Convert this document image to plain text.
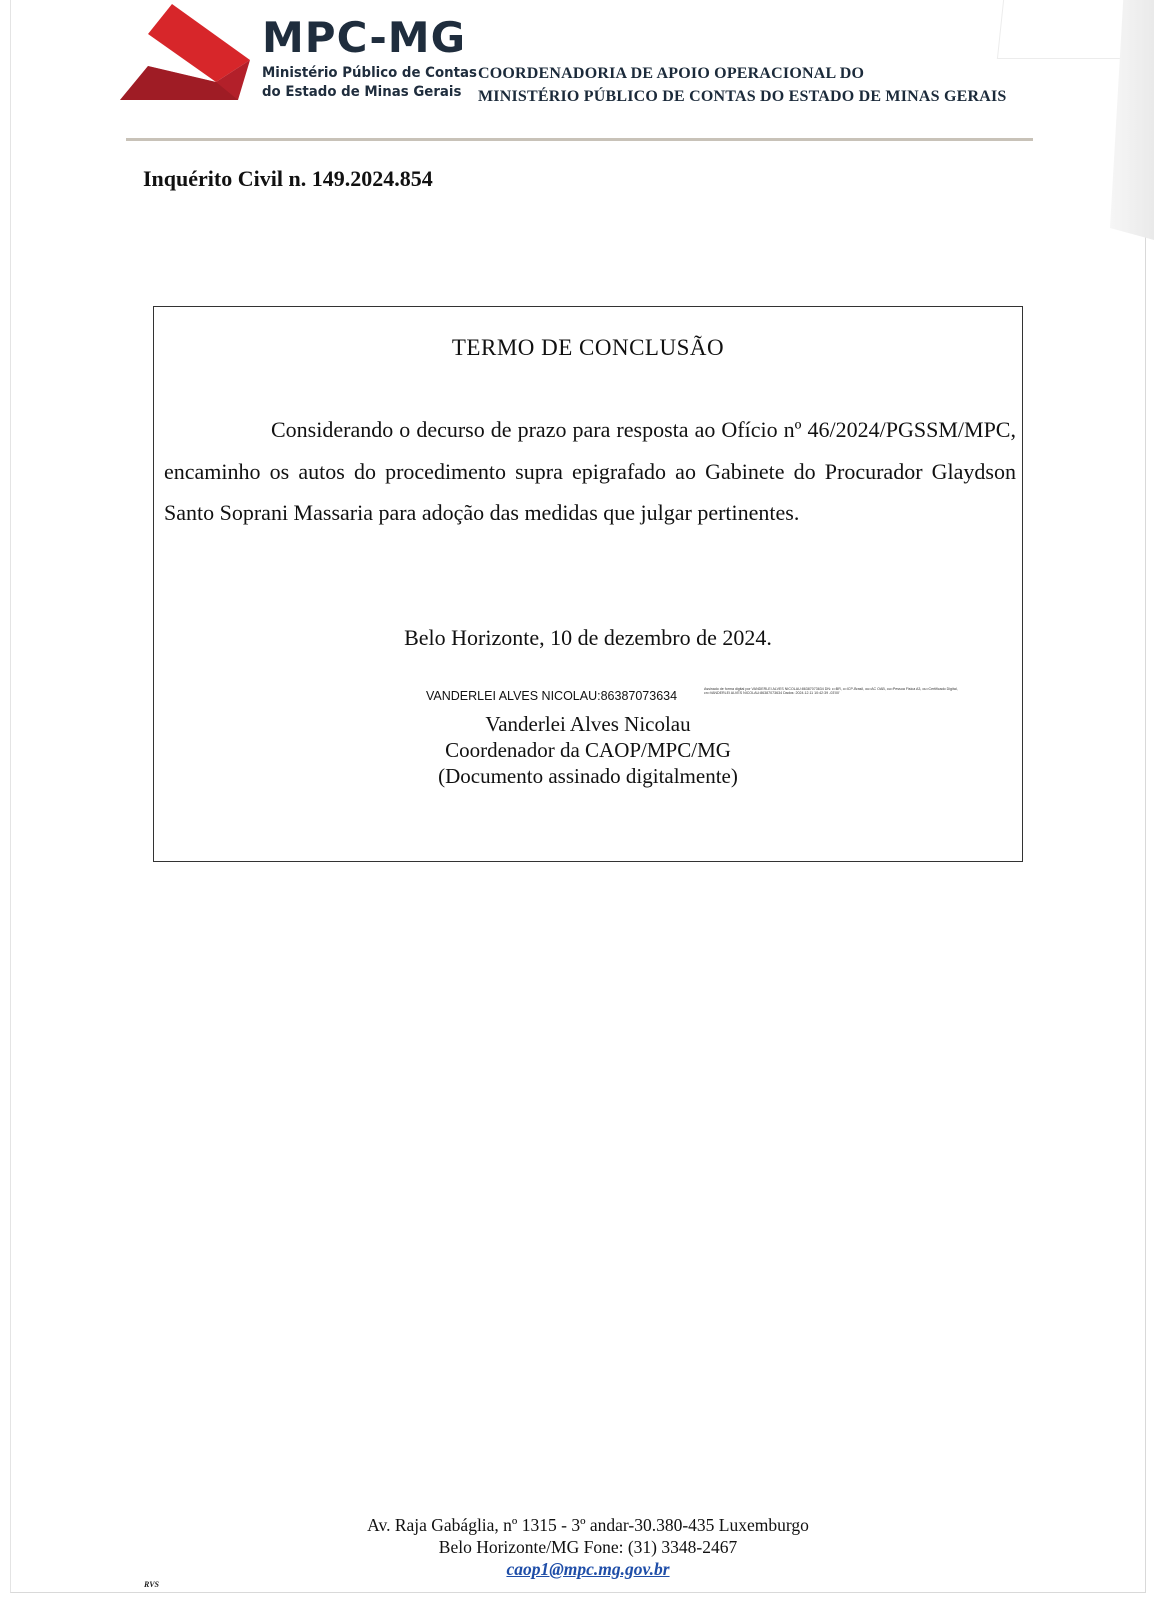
MPC-MG
Ministério Público de Contas
do Estado de Minas Gerais
COORDENADORIA DE APOIO OPERACIONAL DO
MINISTÉRIO PÚBLICO DE CONTAS DO ESTADO DE MINAS GERAIS
Inquérito Civil n. 149.2024.854
TERMO DE CONCLUSÃO
Considerando o decurso de prazo para resposta ao Ofício nº 46/2024/PGSSM/MPC, encaminho os autos do procedimento supra epigrafado ao Gabinete do Procurador Glaydson Santo Soprani Massaria para adoção das medidas que julgar pertinentes.
Belo Horizonte, 10 de dezembro de 2024.
VANDERLEI ALVES NICOLAU:86387073634	Assinado de forma digital por VANDERLEI ALVES NICOLAU:86387073634 DN: c=BR, o=ICP-Brasil, ou=AC OAB, ou=Pessoa Fisica A3, ou=Certificado Digital, cn=VANDERLEI ALVES NICOLAU:86387073634 Dados: 2024.12.11 10:42:39 -03'00'
Vanderlei Alves Nicolau
Coordenador da CAOP/MPC/MG
(Documento assinado digitalmente)
Av. Raja Gabáglia, nº 1315 - 3º andar-30.380-435 Luxemburgo
Belo Horizonte/MG Fone: (31) 3348-2467
caop1@mpc.mg.gov.br
RVS
